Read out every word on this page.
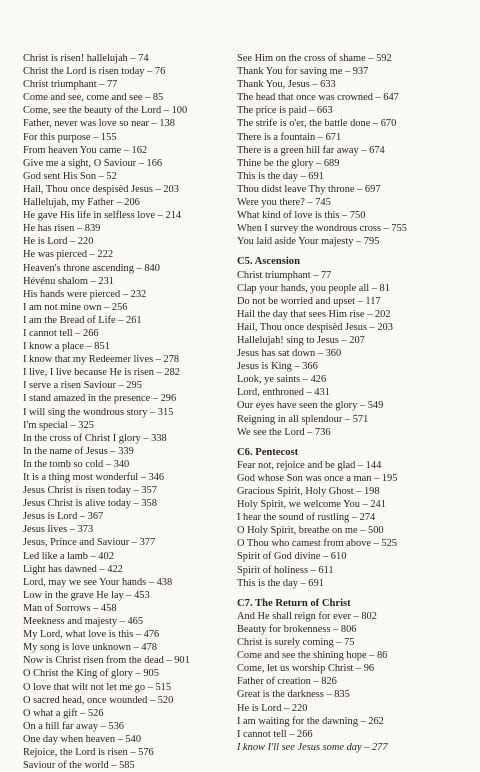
Christ is risen! hallelujah – 74
Christ the Lord is risen today – 76
Christ triumphant – 77
Come and see, come and see – 85
Come, see the beauty of the Lord – 100
Father, never was love so near – 138
For this purpose – 155
From heaven You came – 162
Give me a sight, O Saviour – 166
God sent His Son – 52
Hail, Thou once despisèd Jesus – 203
Hallelujah, my Father – 206
He gave His life in selfless love – 214
He has risen – 839
He is Lord – 220
He was pierced – 222
Heaven's throne ascending – 840
Hévénu shalom – 231
His hands were pierced – 232
I am not mine own – 256
I am the Bread of Life – 261
I cannot tell – 266
I know a place – 851
I know that my Redeemer lives – 278
I live, I live because He is risen – 282
I serve a risen Saviour – 295
I stand amazed in the presence – 296
I will sing the wondrous story – 315
I'm special – 325
In the cross of Christ I glory – 338
In the name of Jesus – 339
In the tomb so cold – 340
It is a thing most wonderful – 346
Jesus Christ is risen today – 357
Jesus Christ is alive today – 358
Jesus is Lord – 367
Jesus lives – 373
Jesus, Prince and Saviour – 377
Led like a lamb – 402
Light has dawned – 422
Lord, may we see Your hands – 438
Low in the grave He lay – 453
Man of Sorrows – 458
Meekness and majesty – 465
My Lord, what love is this – 476
My song is love unknown – 478
Now is Christ risen from the dead – 901
O Christ the King of glory – 905
O love that wilt not let me go – 515
O sacred head, once wounded – 520
O what a gift – 526
On a hill far away – 536
One day when heaven – 540
Rejoice, the Lord is risen – 576
Saviour of the world – 585
See Him on the cross of shame – 592
Thank You for saving me – 937
Thank You, Jesus – 633
The head that once was crowned – 647
The price is paid – 663
The strife is o'er, the battle done – 670
There is a fountain – 671
There is a green hill far away – 674
Thine be the glory – 689
This is the day – 691
Thou didst leave Thy throne – 697
Were you there? – 745
What kind of love is this – 750
When I survey the wondrous cross – 755
You laid aside Your majesty – 795
C5. Ascension
Christ triumphant – 77
Clap your hands, you people all – 81
Do not be worried and upset – 117
Hail the day that sees Him rise – 202
Hail, Thou once despisèd Jesus – 203
Hallelujah! sing to Jesus – 207
Jesus has sat down – 360
Jesus is King – 366
Look, ye saints – 426
Lord, enthroned – 431
Our eyes have seen the glory – 549
Reigning in all splendour – 571
We see the Lord – 736
C6. Pentecost
Fear not, rejoice and be glad – 144
God whose Son was once a man – 195
Gracious Spirit, Holy Ghost – 198
Holy Spirit, we welcome You – 241
I hear the sound of rustling – 274
O Holy Spirit, breathe on me – 500
O Thou who camest from above – 525
Spirit of God divine – 610
Spirit of holiness – 611
This is the day – 691
C7. The Return of Christ
And He shall reign for ever – 802
Beauty for brokenness – 806
Christ is surely coming – 75
Come and see the shining hope – 86
Come, let us worship Christ – 96
Father of creation – 826
Great is the darkness – 835
He is Lord – 220
I am waiting for the dawning – 262
I cannot tell – 266
I know I'll see Jesus some day – 277
